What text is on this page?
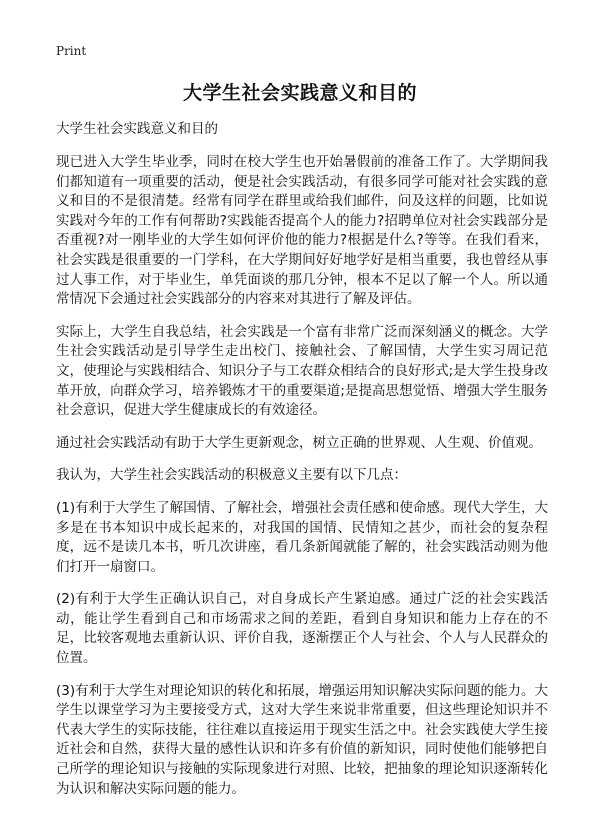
Print
大学生社会实践意义和目的

大学生社会实践意义和目的

现已进入大学生毕业季，同时在校大学生也开始暑假前的准备工作了。大学期间我们都知道有一项重要的活动，便是社会实践活动，有很多同学可能对社会实践的意义和目的不是很清楚。经常有同学在群里或给我们邮件，问及这样的问题，比如说实践对今年的工作有何帮助?实践能否提高个人的能力?招聘单位对社会实践部分是否重视?对一刚毕业的大学生如何评价他的能力?根据是什么?等等。在我们看来，社会实践是很重要的一门学科，在大学期间好好地学好是相当重要，我也曾经从事过人事工作，对于毕业生，单凭面谈的那几分钟，根本不足以了解一个人。所以通常情况下会通过社会实践部分的内容来对其进行了解及评估。

实际上，大学生自我总结，社会实践是一个富有非常广泛而深刻涵义的概念。大学生社会实践活动是引导学生走出校门、接触社会、了解国情，大学生实习周记范文，使理论与实践相结合、知识分子与工农群众相结合的良好形式;是大学生投身改革开放，向群众学习，培养锻炼才干的重要渠道;是提高思想觉悟、增强大学生服务社会意识，促进大学生健康成长的有效途径。

通过社会实践活动有助于大学生更新观念，树立正确的世界观、人生观、价值观。

我认为，大学生社会实践活动的积极意义主要有以下几点：

(1)有利于大学生了解国情、了解社会，增强社会责任感和使命感。现代大学生，大多是在书本知识中成长起来的，对我国的国情、民情知之甚少，而社会的复杂程度，远不是读几本书，听几次讲座，看几条新闻就能了解的，社会实践活动则为他们打开一扇窗口。

(2)有利于大学生正确认识自己，对自身成长产生紧迫感。通过广泛的社会实践活动，能让学生看到自己和市场需求之间的差距，看到自身知识和能力上存在的不足，比较客观地去重新认识、评价自我，逐渐摆正个人与社会、个人与人民群众的位置。

(3)有利于大学生对理论知识的转化和拓展，增强运用知识解决实际问题的能力。大学生以课堂学习为主要接受方式，这对大学生来说非常重要，但这些理论知识并不代表大学生的实际技能，往往难以直接运用于现实生活之中。社会实践使大学生接近社会和自然，获得大量的感性认识和许多有价值的新知识，同时使他们能够把自己所学的理论知识与接触的实际现象进行对照、比较，把抽象的理论知识逐渐转化为认识和解决实际问题的能力。
